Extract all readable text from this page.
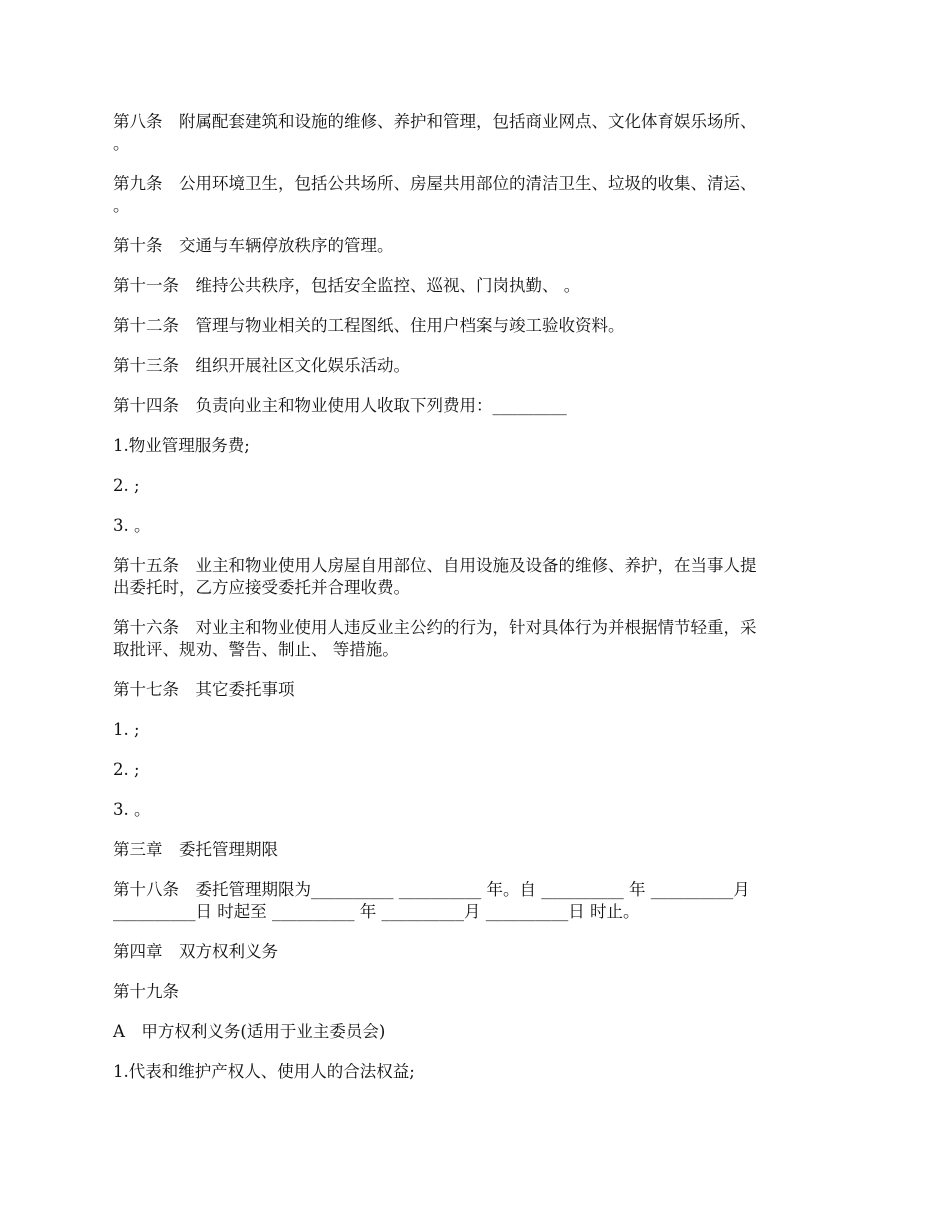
第八条　附属配套建筑和设施的维修、养护和管理，包括商业网点、文化体育娱乐场所、
。

第九条　公用环境卫生，包括公共场所、房屋共用部位的清洁卫生、垃圾的收集、清运、
。

第十条　交通与车辆停放秩序的管理。

第十一条　维持公共秩序，包括安全监控、巡视、门岗执勤、 。

第十二条　管理与物业相关的工程图纸、住用户档案与竣工验收资料。

第十三条　组织开展社区文化娱乐活动。

第十四条　负责向业主和物业使用人收取下列费用：_________

1.物业管理服务费;

2. ;

3. 。

第十五条　业主和物业使用人房屋自用部位、自用设施及设备的维修、养护，在当事人提
出委托时，乙方应接受委托并合理收费。

第十六条　对业主和物业使用人违反业主公约的行为，针对具体行为并根据情节轻重，采
取批评、规劝、警告、制止、 等措施。

第十七条　其它委托事项

1. ;

2. ;

3. 。

第三章　委托管理期限

第十八条　委托管理期限为__________ __________ 年。自 __________ 年 __________月
__________日 时起至 __________ 年 __________月 __________日 时止。

第四章　双方权利义务

第十九条

A　甲方权利义务(适用于业主委员会)

1.代表和维护产权人、使用人的合法权益;
